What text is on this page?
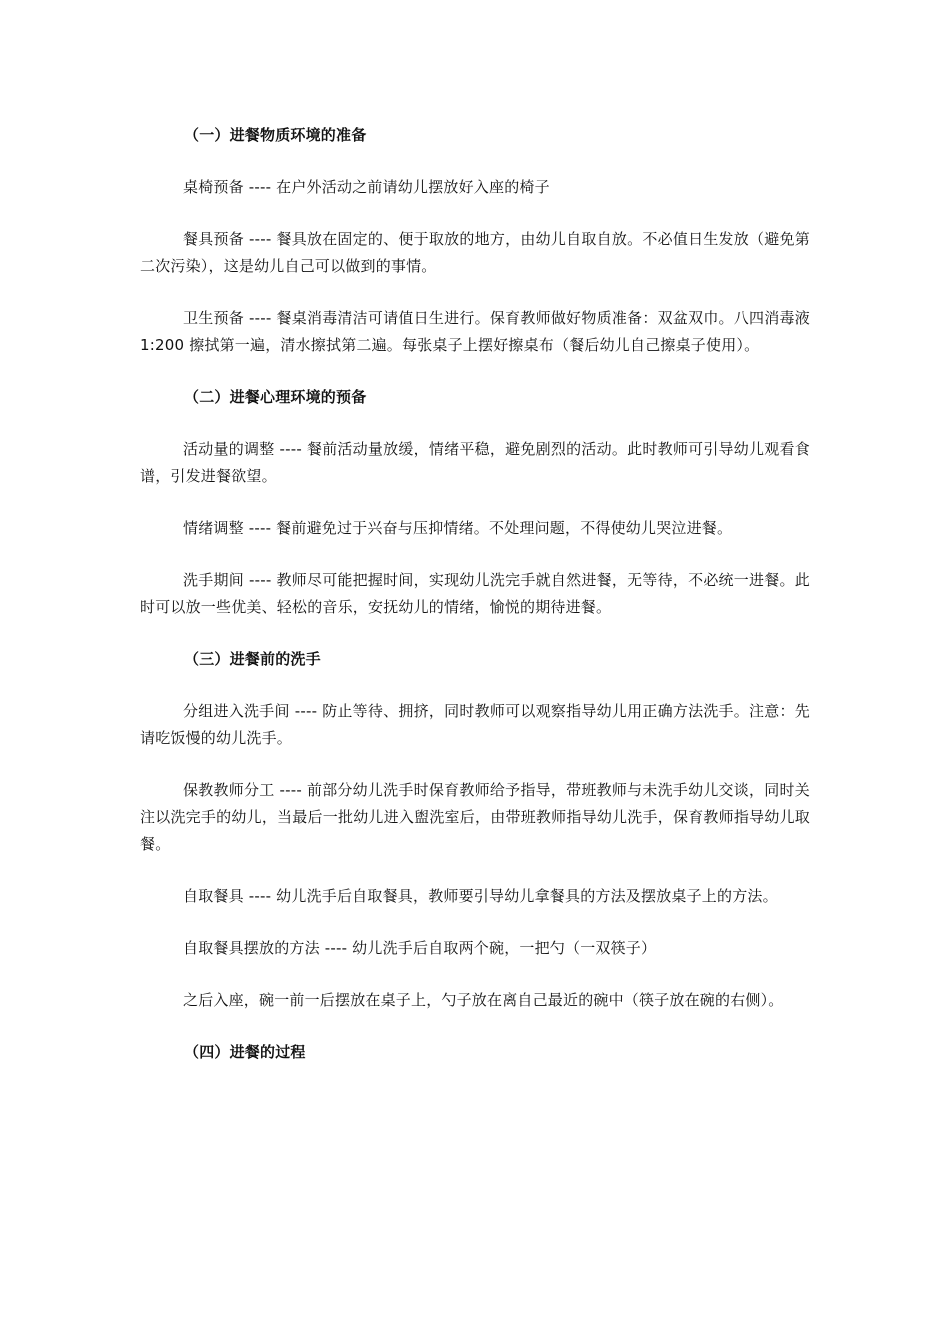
（一）进餐物质环境的准备

桌椅预备 ---- 在户外活动之前请幼儿摆放好入座的椅子

餐具预备 ---- 餐具放在固定的、便于取放的地方，由幼儿自取自放。不必值日生发放（避免第二次污染），这是幼儿自己可以做到的事情。

卫生预备 ---- 餐桌消毒清洁可请值日生进行。保育教师做好物质准备：双盆双巾。八四消毒液 1:200 擦拭第一遍，清水擦拭第二遍。每张桌子上摆好擦桌布（餐后幼儿自己擦桌子使用）。

（二）进餐心理环境的预备

活动量的调整 ---- 餐前活动量放缓，情绪平稳，避免剧烈的活动。此时教师可引导幼儿观看食谱，引发进餐欲望。

情绪调整 ---- 餐前避免过于兴奋与压抑情绪。不处理问题，不得使幼儿哭泣进餐。

洗手期间 ---- 教师尽可能把握时间，实现幼儿洗完手就自然进餐，无等待，不必统一进餐。此时可以放一些优美、轻松的音乐，安抚幼儿的情绪，愉悦的期待进餐。

（三）进餐前的洗手

分组进入洗手间 ---- 防止等待、拥挤，同时教师可以观察指导幼儿用正确方法洗手。注意：先请吃饭慢的幼儿洗手。

保教教师分工 ---- 前部分幼儿洗手时保育教师给予指导，带班教师与未洗手幼儿交谈，同时关注以洗完手的幼儿，当最后一批幼儿进入盥洗室后，由带班教师指导幼儿洗手，保育教师指导幼儿取餐。

自取餐具 ---- 幼儿洗手后自取餐具，教师要引导幼儿拿餐具的方法及摆放桌子上的方法。

自取餐具摆放的方法 ---- 幼儿洗手后自取两个碗，一把勺（一双筷子）

之后入座，碗一前一后摆放在桌子上，勺子放在离自己最近的碗中（筷子放在碗的右侧）。

（四）进餐的过程
